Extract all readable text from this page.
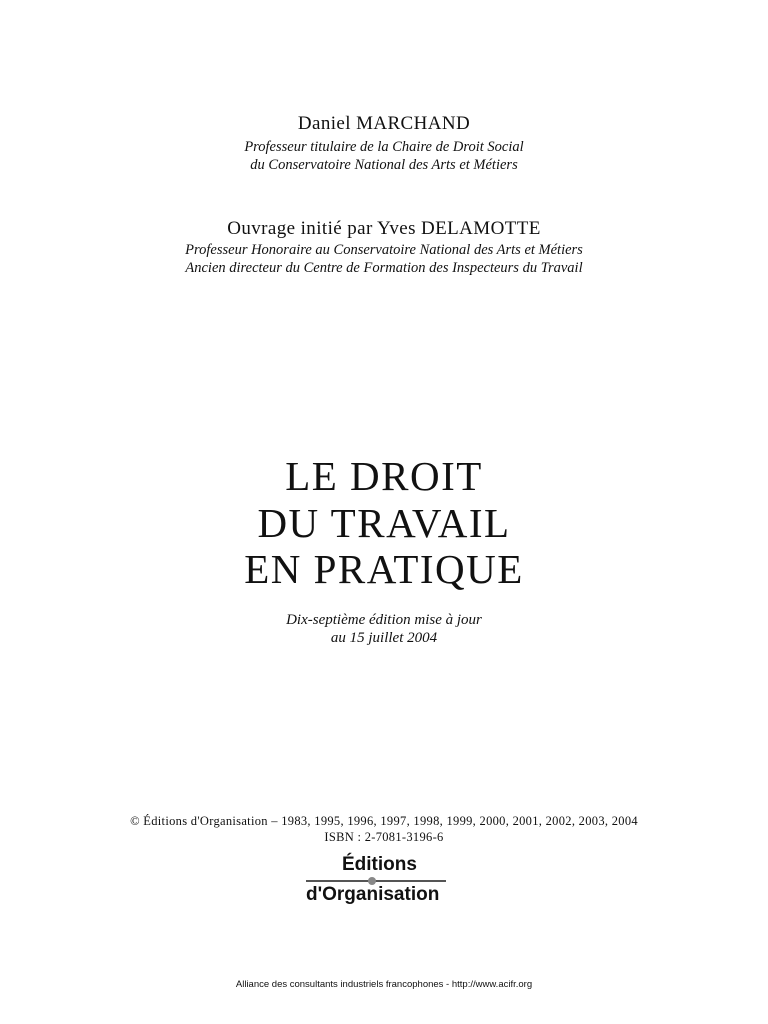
Daniel MARCHAND
Professeur titulaire de la Chaire de Droit Social
du Conservatoire National des Arts et Métiers
Ouvrage initié par Yves DELAMOTTE
Professeur Honoraire au Conservatoire National des Arts et Métiers
Ancien directeur du Centre de Formation des Inspecteurs du Travail
LE DROIT
DU TRAVAIL
EN PRATIQUE
Dix-septième édition mise à jour
au 15 juillet 2004
© Éditions d'Organisation – 1983, 1995, 1996, 1997, 1998, 1999, 2000, 2001, 2002, 2003, 2004
ISBN : 2-7081-3196-6
Éditions
d'Organisation
Alliance des consultants industriels francophones - http://www.acifr.org
